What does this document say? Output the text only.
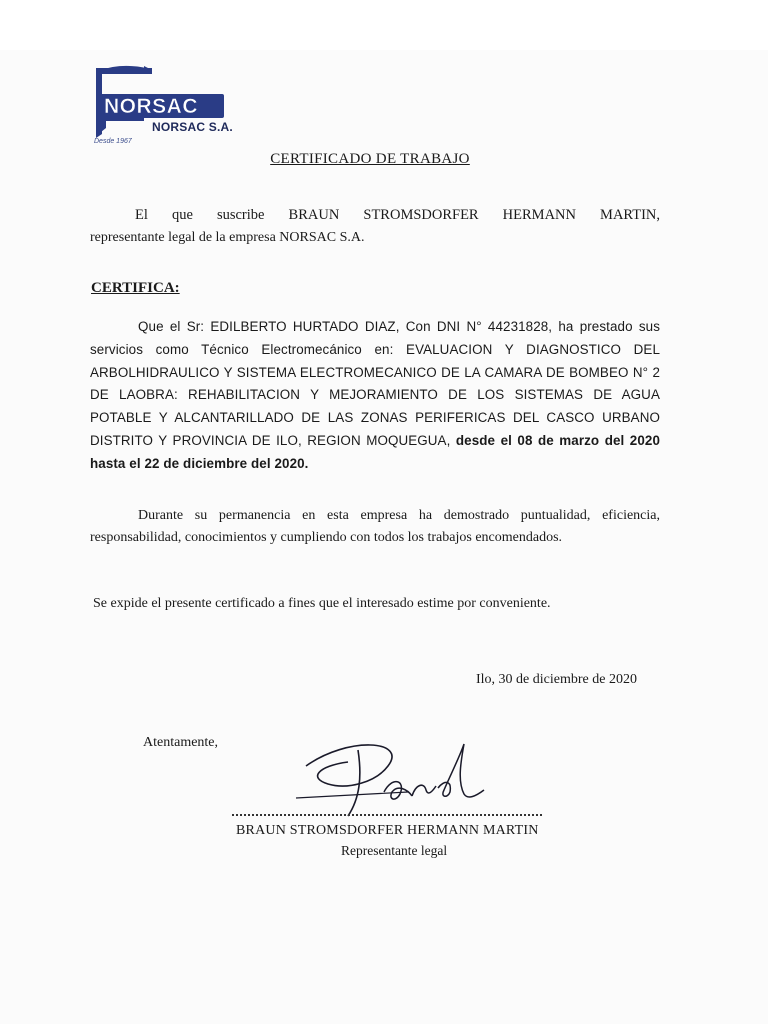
NORSAC
NORSAC S.A.
Desde 1967
CERTIFICADO DE TRABAJO
El que suscribe BRAUN STROMSDORFER HERMANN MARTIN,
representante legal de la empresa NORSAC S.A.
CERTIFICA:
Que el Sr: EDILBERTO HURTADO DIAZ, Con DNI N° 44231828, ha prestado sus servicios como Técnico Electromecánico en: EVALUACION Y DIAGNOSTICO DEL ARBOLHIDRAULICO Y SISTEMA ELECTROMECANICO DE LA CAMARA DE BOMBEO N° 2 DE LAOBRA: REHABILITACION Y MEJORAMIENTO DE LOS SISTEMAS DE AGUA POTABLE Y ALCANTARILLADO DE LAS ZONAS PERIFERICAS DEL CASCO URBANO DISTRITO Y PROVINCIA DE ILO, REGION MOQUEGUA, desde el 08 de marzo del 2020 hasta el 22 de diciembre del 2020.
Durante su permanencia en esta empresa ha demostrado puntualidad, eficiencia, responsabilidad, conocimientos y cumpliendo con todos los trabajos encomendados.
Se expide el presente certificado a fines que el interesado estime por conveniente.
Ilo, 30 de diciembre de 2020
Atentamente,
BRAUN STROMSDORFER HERMANN MARTIN
Representante legal
